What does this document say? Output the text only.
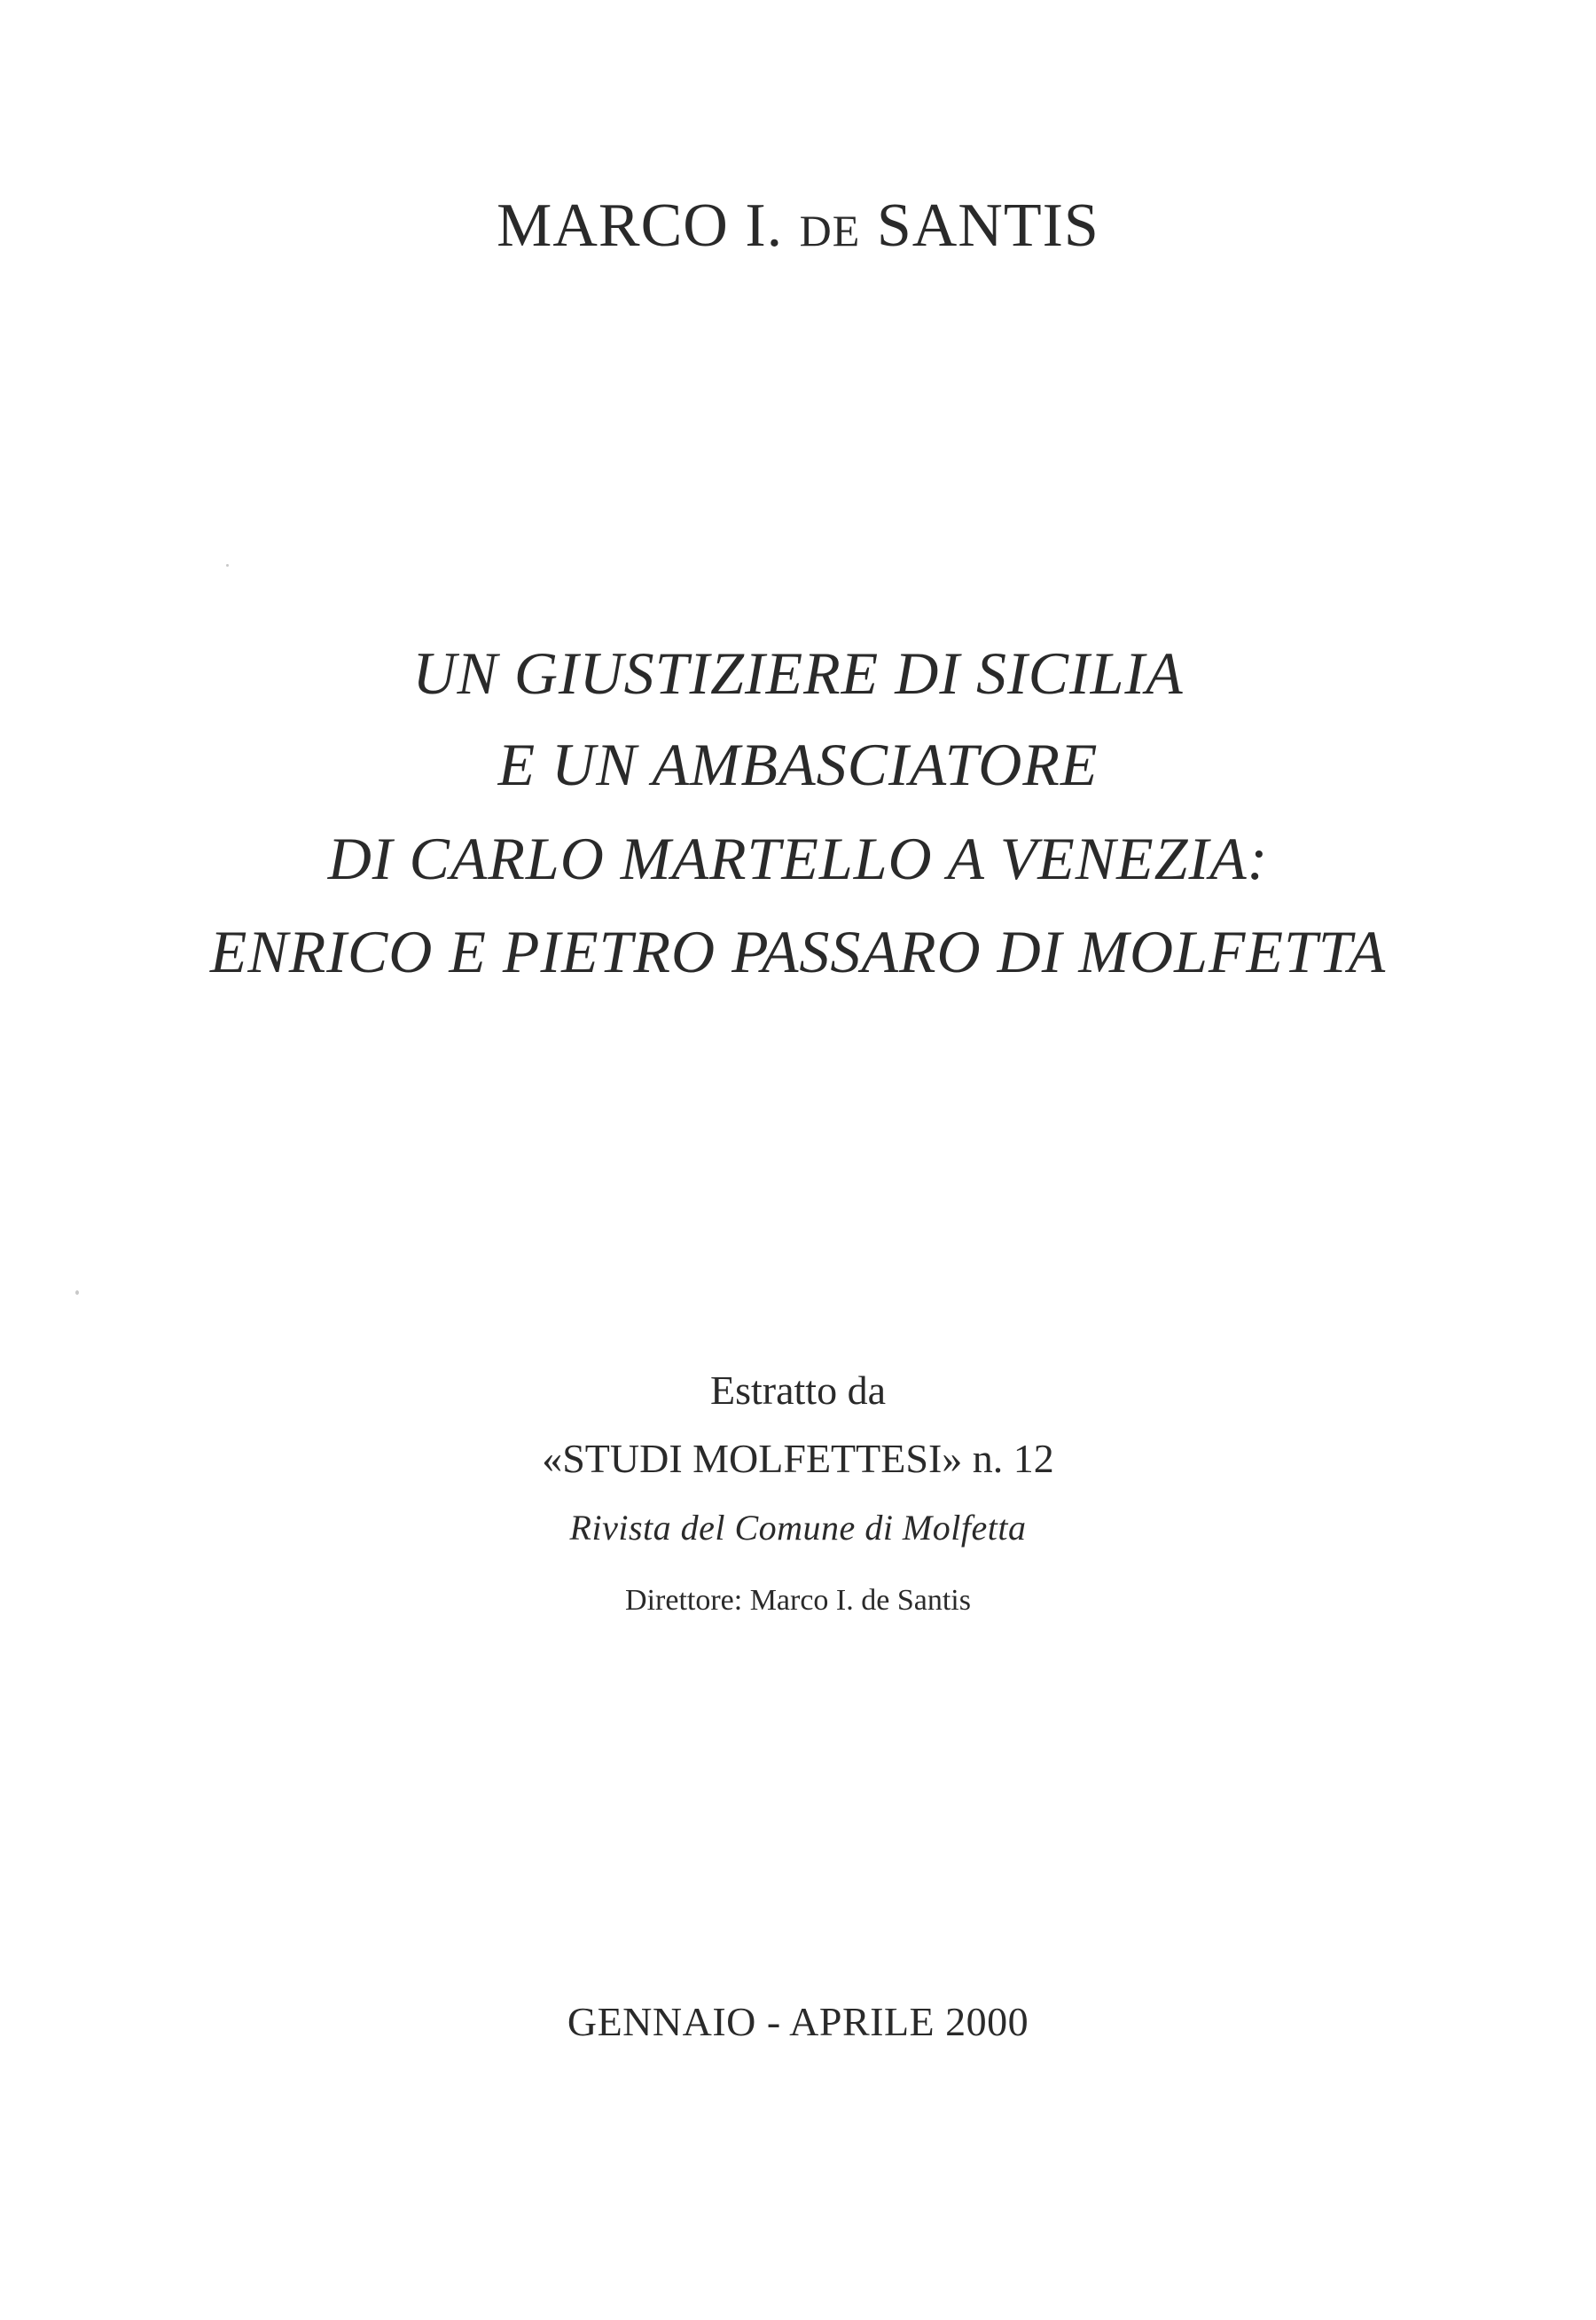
MARCO I. DE SANTIS
UN GIUSTIZIERE DI SICILIA
E UN AMBASCIATORE
DI CARLO MARTELLO A VENEZIA:
ENRICO E PIETRO PASSARO DI MOLFETTA
Estratto da
«STUDI MOLFETTESI» n. 12
Rivista del Comune di Molfetta
Direttore: Marco I. de Santis
GENNAIO - APRILE 2000
